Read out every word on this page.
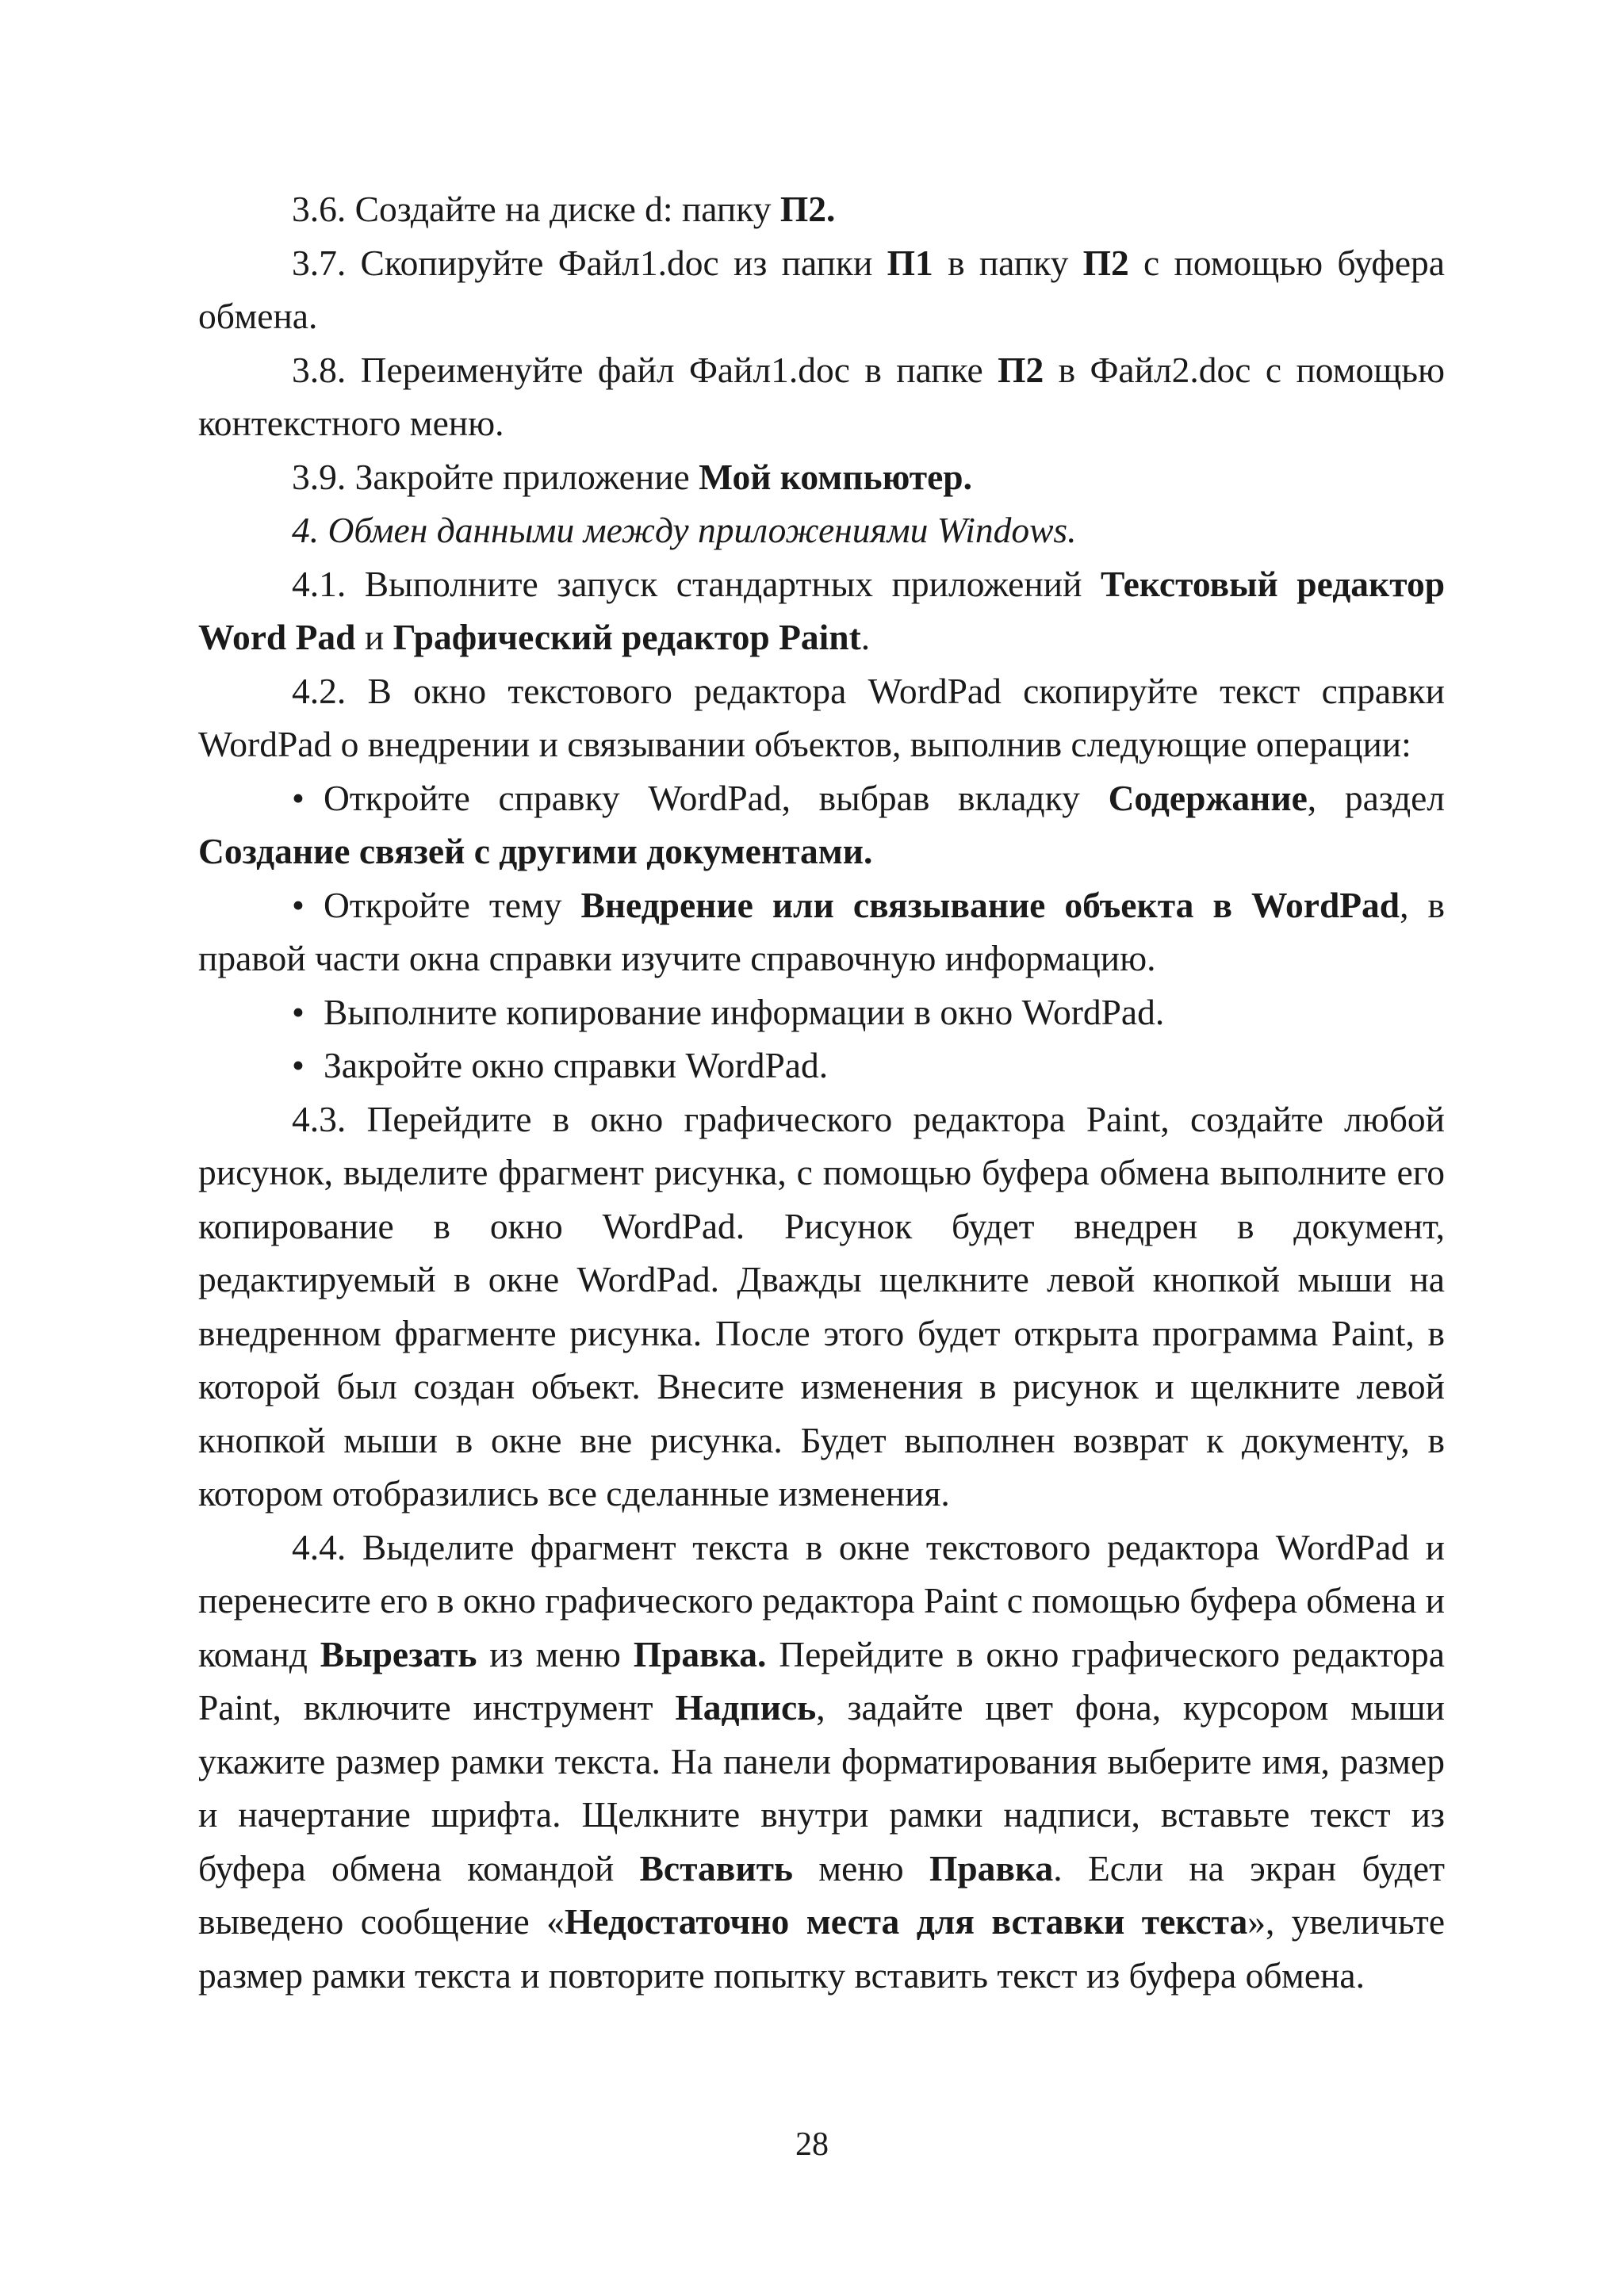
3.6. Создайте на диске d: папку П2.

3.7. Скопируйте Файл1.doc из папки П1 в папку П2 с помощью буфера обмена.

3.8. Переименуйте файл Файл1.doc в папке П2 в Файл2.doc с помощью контекстного меню.

3.9. Закройте приложение Мой компьютер.

4. Обмен данными между приложениями Windows.

4.1. Выполните запуск стандартных приложений Текстовый редактор Word Pad и Графический редактор Paint.

4.2. В окно текстового редактора WordPad скопируйте текст справки WordPad о внедрении и связывании объектов, выполнив следующие операции:

• Откройте справку WordPad, выбрав вкладку Содержание, раздел Создание связей с другими документами.

• Откройте тему Внедрение или связывание объекта в WordPad, в правой части окна справки изучите справочную информацию.

• Выполните копирование информации в окно WordPad.

• Закройте окно справки WordPad.

4.3. Перейдите в окно графического редактора Paint, создайте любой рисунок, выделите фрагмент рисунка, с помощью буфера обмена выполните его копирование в окно WordPad. Рисунок будет внедрен в документ, редактируемый в окне WordPad. Дважды щелкните левой кнопкой мыши на внедренном фрагменте рисунка. После этого будет открыта программа Paint, в которой был создан объект. Внесите изменения в рисунок и щелкните левой кнопкой мыши в окне вне рисунка. Будет выполнен возврат к документу, в котором отобразились все сделанные изменения.

4.4. Выделите фрагмент текста в окне текстового редактора WordPad и перенесите его в окно графического редактора Paint с помощью буфера обмена и команд Вырезать из меню Правка. Перейдите в окно графического редактора Paint, включите инструмент Надпись, задайте цвет фона, курсором мыши укажите размер рамки текста. На панели форматирования выберите имя, размер и начертание шрифта. Щелкните внутри рамки надписи, вставьте текст из буфера обмена командой Вставить меню Правка. Если на экран будет выведено сообщение «Недостаточно места для вставки текста», увеличьте размер рамки текста и повторите попытку вставить текст из буфера обмена.

28
